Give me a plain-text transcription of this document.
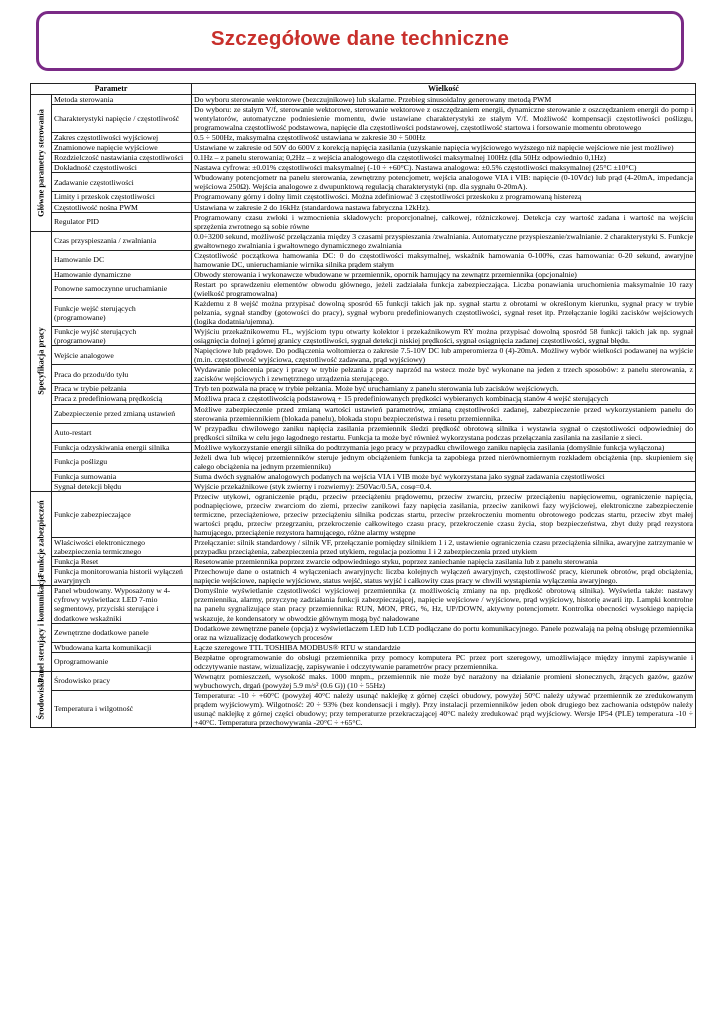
Szczegółowe dane techniczne
Parametr		Wielkość

Główne parametry sterowania	Metoda sterowania	Do wyboru sterowanie wektorowe (bezczujnikowe) lub skalarne. Przebieg sinusoidalny generowany metodą PWM
	Charakterystyki napięcie / częstotliwość	Do wyboru: ze stałym V/f, sterowanie wektorowe, sterowanie wektorowe z oszczędzaniem energii, dynamiczne sterowanie z oszczędzaniem energii do pomp i wentylatorów, automatyczne podniesienie momentu, dwie ustawiane charakterystyki ze stałym V/f. Możliwość kompensacji częstotliwości poślizgu, programowalna częstotliwość podstawowa, napięcie dla częstotliwości podstawowej, częstotliwość startowa i forsowanie momentu obrotowego
	Zakres częstotliwości wyjściowej	0.5 ÷ 500Hz, maksymalna częstotliwość ustawiana w zakresie 30 ÷ 500Hz
	Znamionowe napięcie wyjściowe	Ustawiane w zakresie od 50V do 600V z korekcją napięcia zasilania (uzyskanie napięcia wyjściowego wyższego niż napięcie wejściowe nie jest możliwe)
	Rozdzielczość nastawiania częstotliwości	0.1Hz – z panelu sterowania; 0,2Hz – z wejścia analogowego dla częstotliwości maksymalnej 100Hz (dla 50Hz odpowiednio 0,1Hz)
	Dokładność częstotliwości	Nastawa cyfrowa: ±0.01% częstotliwości maksymalnej (-10 ÷ +60°C). Nastawa analogowa: ±0.5% częstotliwości maksymalnej (25°C ±10°C)
	Zadawanie częstotliwości	Wbudowany potencjometr na panelu sterowania, zewnętrzny potencjometr, wejścia analogowe VIA i VIB: napięcie (0-10Vdc) lub prąd (4-20mA, impedancja wejściowa 250Ω). Wejścia analogowe z dwupunktową regulacją charakterystyki (np. dla sygnału 0-20mA).
	Limity i przeskok częstotliwości	Programowany górny i dolny limit częstotliwości. Można zdefiniować 3 częstotliwości przeskoku z programowaną histerezą
	Częstotliwość nośna PWM	Ustawiana w zakresie 2 do 16kHz (standardowa nastawa fabryczna 12kHz).
	Regulator PID	Programowany czasu zwłoki i wzmocnienia składowych: proporcjonalnej, całkowej, różniczkowej. Detekcja czy wartość zadana i wartość na wejściu sprzężenia zwrotnego są sobie równe

Specyfikacja pracy	Czas przyspieszania / zwalniania	0.0÷3200 sekund, możliwość przełączania między 3 czasami przyspieszania /zwalniania. Automatyczne przyspieszanie/zwalnianie. 2 charakterystyki S. Funkcje gwałtownego zwalniania i gwałtownego dynamicznego zwalniania
	Hamowanie DC	Częstotliwość początkowa hamowania DC: 0 do częstotliwości maksymalnej, wskaźnik hamowania 0-100%, czas hamowania: 0-20 sekund, awaryjne hamowanie DC, unieruchamianie wirnika silnika prądem stałym
	Hamowanie dynamiczne	Obwody sterowania i wykonawcze wbudowane w przemiennik, opornik hamujący na zewnątrz przemiennika (opcjonalnie)
	Ponowne samoczynne uruchamianie	Restart po sprawdzeniu elementów obwodu głównego, jeżeli zadziałała funkcja zabezpieczająca. Liczba ponawiania uruchomienia maksymalnie 10 razy (wielkość programowalna)
	Funkcje wejść sterujących (programowane)	Każdemu z 8 wejść można przypisać dowolną sposród 65 funkcji takich jak np. sygnał startu z obrotami w określonym kierunku, sygnał pracy w trybie pełzania, sygnał standby (gotowości do pracy), sygnał wyboru predefiniowanych częstotliwości, sygnał reset itp. Przełączanie logiki zacisków wejściowych (logika dodatnia/ujemna).
	Funkcje wyjść sterujących (programowane)	Wyjściu przekaźnikowemu FL, wyjściom typu otwarty kolektor i przekaźnikowym RY można przypisać dowolną sposród 58 funkcji takich jak np. sygnał osiągnięcia dolnej i górnej granicy częstotliwości, sygnał detekcji niskiej prędkości, sygnał osiągnięcia zadanej częstotliwości, sygnał błędu.
	Wejście analogowe	Napięciowe lub prądowe. Do podłączenia woltomierza o zakresie 7.5-10V DC lub amperomierza 0 (4)-20mA. Możliwy wybór wielkości podawanej na wyjście (m.in. częstotliwość wyjściowa, częstotliwość zadawana, prąd wyjściowy)
	Praca do przodu/do tyłu	Wydawanie polecenia pracy i pracy w trybie pełzania z pracy naprzód na wstecz może być wykonane na jeden z trzech sposobów: z panelu sterowania, z zacisków wejściowych i zewnętrznego urządzenia sterującego.
	Praca w trybie pełzania	Tryb ten pozwala na pracę w trybie pełzania. Może być uruchamiany z panelu sterowania lub zacisków wejściowych.
	Praca z predefiniowaną prędkością	Możliwa praca z częstotliwością podstawową + 15 predefiniowanych prędkości wybieranych kombinacją stanów 4 wejść sterujących
	Zabezpieczenie przed zmianą ustawień	Możliwe zabezpieczenie przed zmianą wartości ustawień parametrów, zmianą częstotliwości zadanej, zabezpieczenie przed wykorzystaniem panelu do sterowania przemiennikiem (blokada panelu), blokada stopu bezpieczeństwa i resetu przemiennika.
	Auto-restart	W przypadku chwilowego zaniku napięcia zasilania przemiennik śledzi prędkość obrotową silnika i wystawia sygnał o częstotliwości odpowiedniej do prędkości silnika w celu jego łagodnego restartu. Funkcja ta może być również wykorzystana podczas przełączania zasilania na zasilanie z sieci.
	Funkcja odzyskiwania energii silnika	Możliwe wykorzystanie energii silnika do podtrzymania jego pracy w przypadku chwilowego zaniku napięcia zasilania (domyślnie funkcja wyłączona)
	Funkcja poślizgu	Jeżeli dwa lub więcej przemienników steruje jednym obciążeniem funkcja ta zapobiega przed nierównomiernym rozkładem obciążenia (np. skupieniem się całego obciążenia na jednym przemienniku)
	Funkcja sumowania	Suma dwóch sygnałów analogowych podanych na wejścia VIA i VIB może być wykorzystana jako sygnał zadawania częstotliwości
	Sygnał detekcji błędu	Wyjście przekaźnikowe (styk zwierny i rozwierny): 250Vac/0.5A, cosφ=0.4.

Funkcje zabezpieczeń	Funkcje zabezpieczające	Przeciw utykowi, ograniczenie prądu, przeciw przeciążeniu prądowemu, przeciw zwarciu, przeciw przeciążeniu napięciowemu, ograniczenie napięcia, podnapięciowe, przeciw zwarciom do ziemi, przeciw zanikowi fazy napięcia zasilania, przeciw zanikowi fazy wyjściowej, elektroniczne zabezpieczenie termiczne, przeciążeniowe, przeciw przeciążeniu silnika podczas startu, przeciw przekroczeniu momentu obrotowego podczas startu, przeciw zbyt małej wartości prądu, przeciw przegrzaniu, przekroczenie całkowitego czasu pracy, przekroczenie czasu życia, stop bezpieczeństwa, zbyt duży prąd rezystora hamującego, przeciążenie rezystora hamującego, różne alarmy wstępne
	Właściwości elektronicznego zabezpieczenia termicznego	Przełączanie: silnik standardowy / silnik VF, przełączanie pomiędzy silnikiem 1 i 2, ustawienie ograniczenia czasu przeciążenia silnika, awaryjne zatrzymanie w przypadku przeciążenia, zabezpieczenia przed utykiem, regulacja poziomu 1 i 2 zabezpieczenia przed utykiem
	Funkcja Reset	Resetowanie przemiennika poprzez zwarcie odpowiedniego styku, poprzez zaniechanie napięcia zasilania lub z panelu sterowania
	Funkcja monitorowania historii wyłączeń awaryjnych	Przechowuje dane o ostatnich 4 wyłączeniach awaryjnych: liczba kolejnych wyłączeń awaryjnych, częstotliwość pracy, kierunek obrotów, prąd obciążenia, napięcie wejściowe, napięcie wyjściowe, status wejść, status wyjść i całkowity czas pracy w chwili wystąpienia wyłączenia awaryjnego.

Panel sterujący i komunikacja	Panel wbudowany. Wyposażony w 4-cyfrowy wyświetlacz LED 7-mio segmentowy, przyciski sterujące i dodatkowe wskaźniki	Domyślnie wyświetlanie częstotliwości wyjściowej przemiennika (z możliwością zmiany na np. prędkość obrotową silnika). Wyświetla także: nastawy przemiennika, alarmy, przyczynę zadziałania funkcji zabezpieczającej, napięcie wejściowe / wyjściowe, prąd wyjściowy, historię awarii itp. Lampki kontrolne na panelu sygnalizujące stan pracy przemiennika: RUN, MON, PRG, %, Hz, UP/DOWN, aktywny potencjometr. Kontrolka obecności wysokiego napięcia wskazuje, że kondensatory w obwodzie głównym mogą być naładowane
	Zewnętrzne dodatkowe panele	Dodatkowe zewnętrzne panele (opcja) z wyświetlaczem LED lub LCD podłączane do portu komunikacyjnego. Panele pozwalają na pełną obsługę przemiennika oraz na wizualizację dodatkowych procesów
	Wbudowana karta komunikacji	Łącze szeregowe TTL TOSHIBA MODBUS® RTU w standardzie
	Oprogramowanie	Bezpłatne oprogramowanie do obsługi przemiennika przy pomocy komputera PC przez port szeregowy, umożliwiające między innymi zapisywanie i odczytywanie nastaw, wizualizację, zapisywanie i odczytywanie parametrów pracy przemiennika.

Środowisko	Środowisko pracy	Wewnątrz pomieszczeń, wysokość maks. 1000 mnpm., przemiennik nie może być narażony na działanie promieni słonecznych, żrących gazów, gazów wybuchowych, drgań (powyżej 5.9 m/s² (0.6 G)) (10 ÷ 55Hz)
	Temperatura i wilgotność	Temperatura: -10 ÷ +60°C (powyżej 40°C należy usunąć naklejkę z górnej części obudowy, powyżej 50°C należy używać przemiennik ze zredukowanym prądem wyjściowym). Wilgotność: 20 ÷ 93% (bez kondensacji i mgły). Przy instalacji przemienników jeden obok drugiego bez zachowania odstępów należy usunąć naklejkę z górnej części obudowy; przy temperaturze przekraczającej 40°C należy zredukować prąd wyjściowy. Wersje IP54 (PLE) temperatura -10 ÷ +40°C. Temperatura przechowywania -20°C ÷ +65°C.
